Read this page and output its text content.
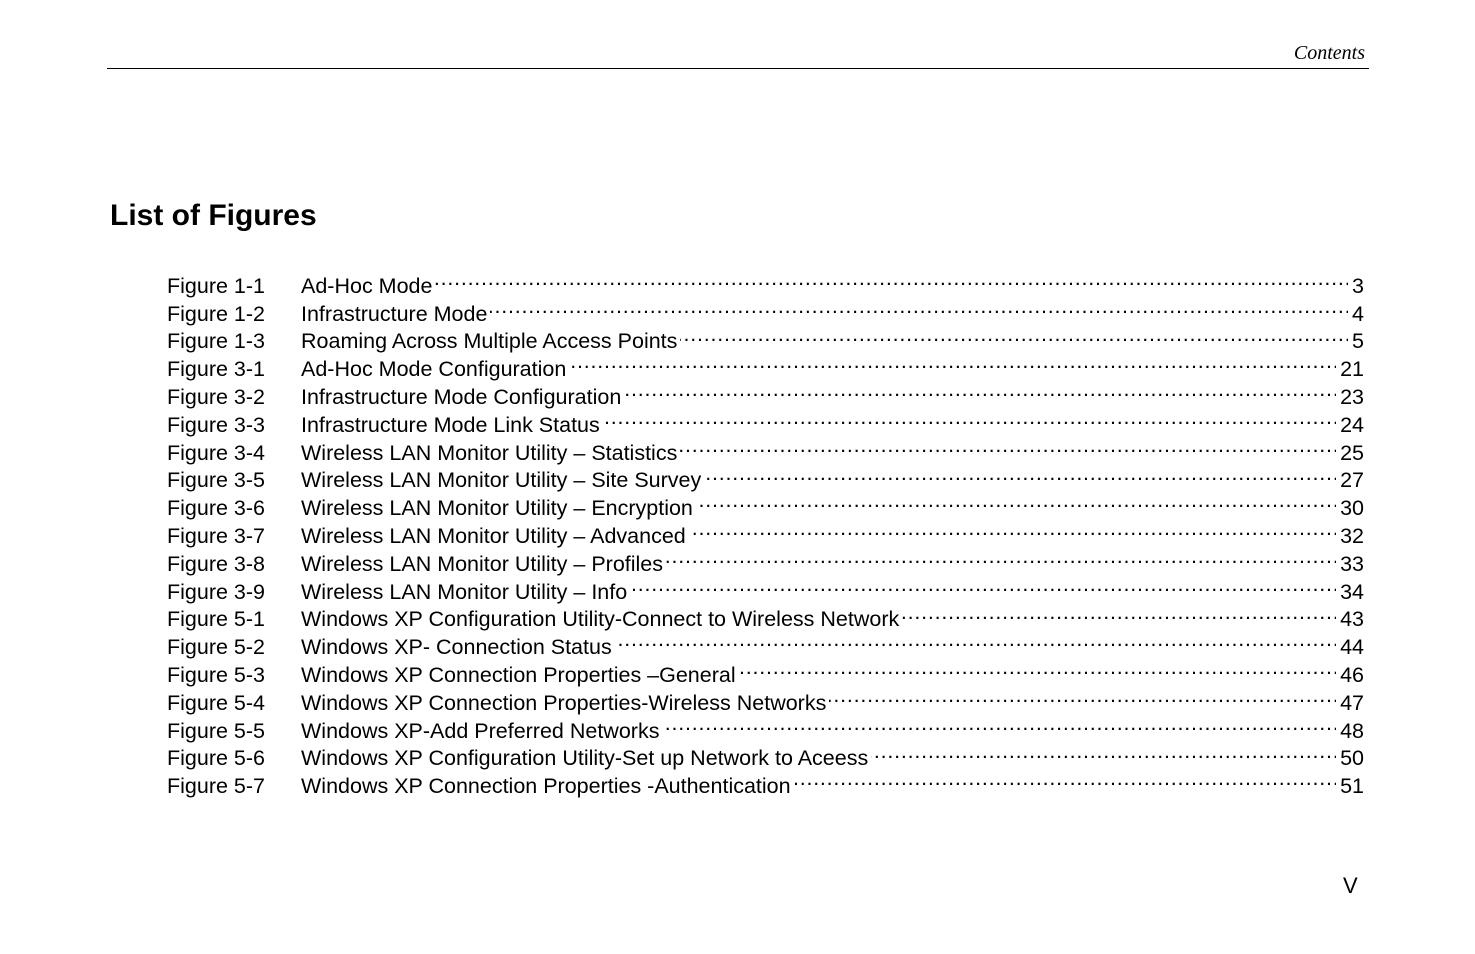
Contents
List of Figures
Figure 1-1	Ad-Hoc Mode . . .	3
Figure 1-2	Infrastructure Mode . . .	4
Figure 1-3	Roaming Across Multiple Access Points . . .	5
Figure 3-1	Ad-Hoc Mode Configuration . . .	21
Figure 3-2	Infrastructure Mode Configuration . . .	23
Figure 3-3	Infrastructure Mode Link Status . . .	24
Figure 3-4	Wireless LAN Monitor Utility – Statistics . . .	25
Figure 3-5	Wireless LAN Monitor Utility – Site Survey . . .	27
Figure 3-6	Wireless LAN Monitor Utility – Encryption . . .	30
Figure 3-7	Wireless LAN Monitor Utility – Advanced . . .	32
Figure 3-8	Wireless LAN Monitor Utility – Profiles . . .	33
Figure 3-9	Wireless LAN Monitor Utility – Info . . .	34
Figure 5-1	Windows XP Configuration Utility-Connect to Wireless Network . . .	43
Figure 5-2	Windows XP- Connection Status . . .	44
Figure 5-3	Windows XP Connection Properties –General . . .	46
Figure 5-4	Windows XP Connection Properties-Wireless Networks . . .	47
Figure 5-5	Windows XP-Add Preferred Networks . . .	48
Figure 5-6	Windows XP Configuration Utility-Set up Network to Aceess . . .	50
Figure 5-7	Windows XP Connection Properties -Authentication . . .	51
V
